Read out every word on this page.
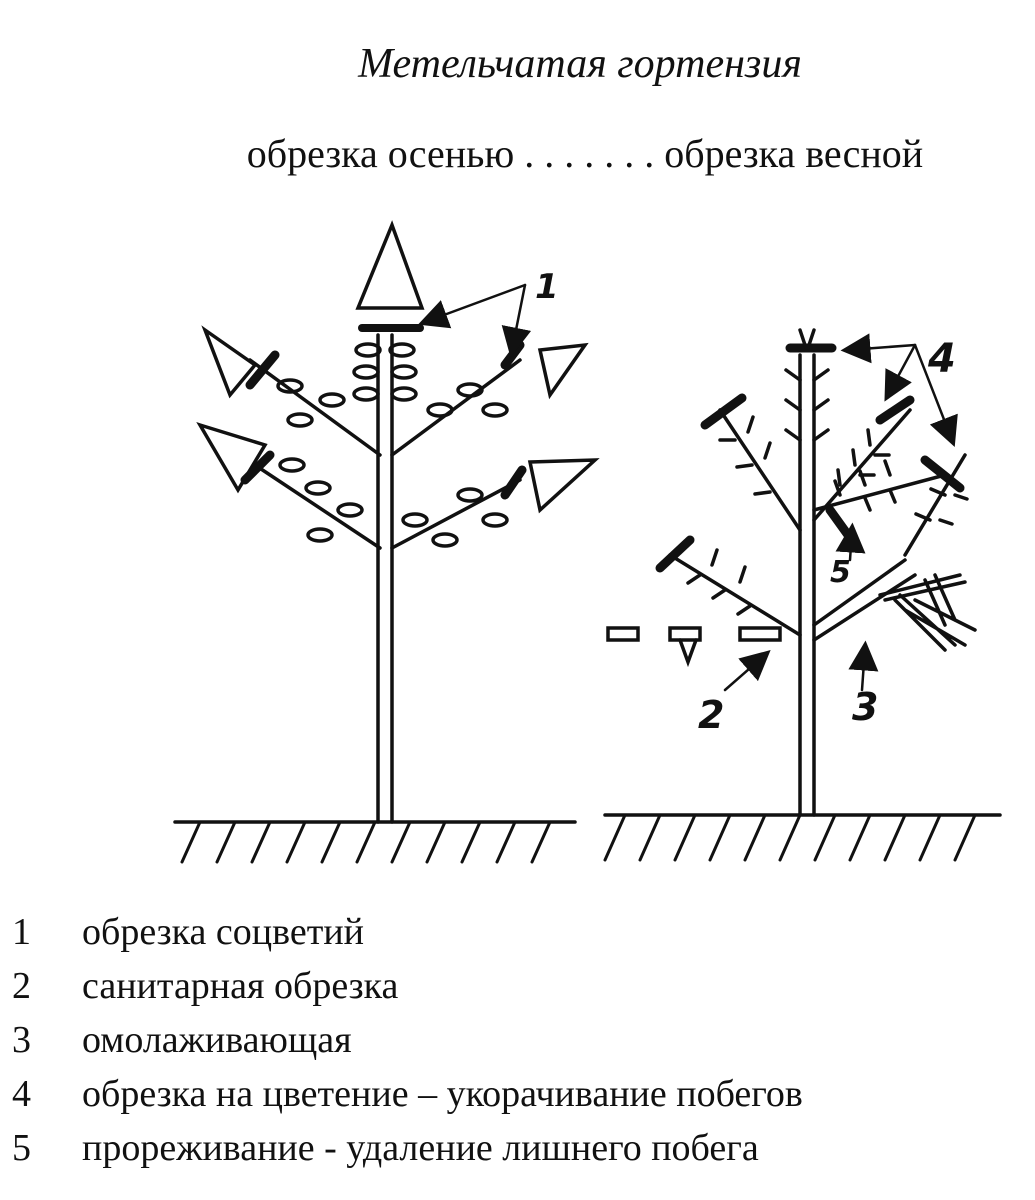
Метельчатая гортензия
обрезка осенью . . . . . . . обрезка весной
1
4
5
2	3
1	обрезка соцветий
2	санитарная обрезка
3	омолаживающая
4	обрезка на цветение – укорачивание побегов
5	прореживание - удаление лишнего побега
